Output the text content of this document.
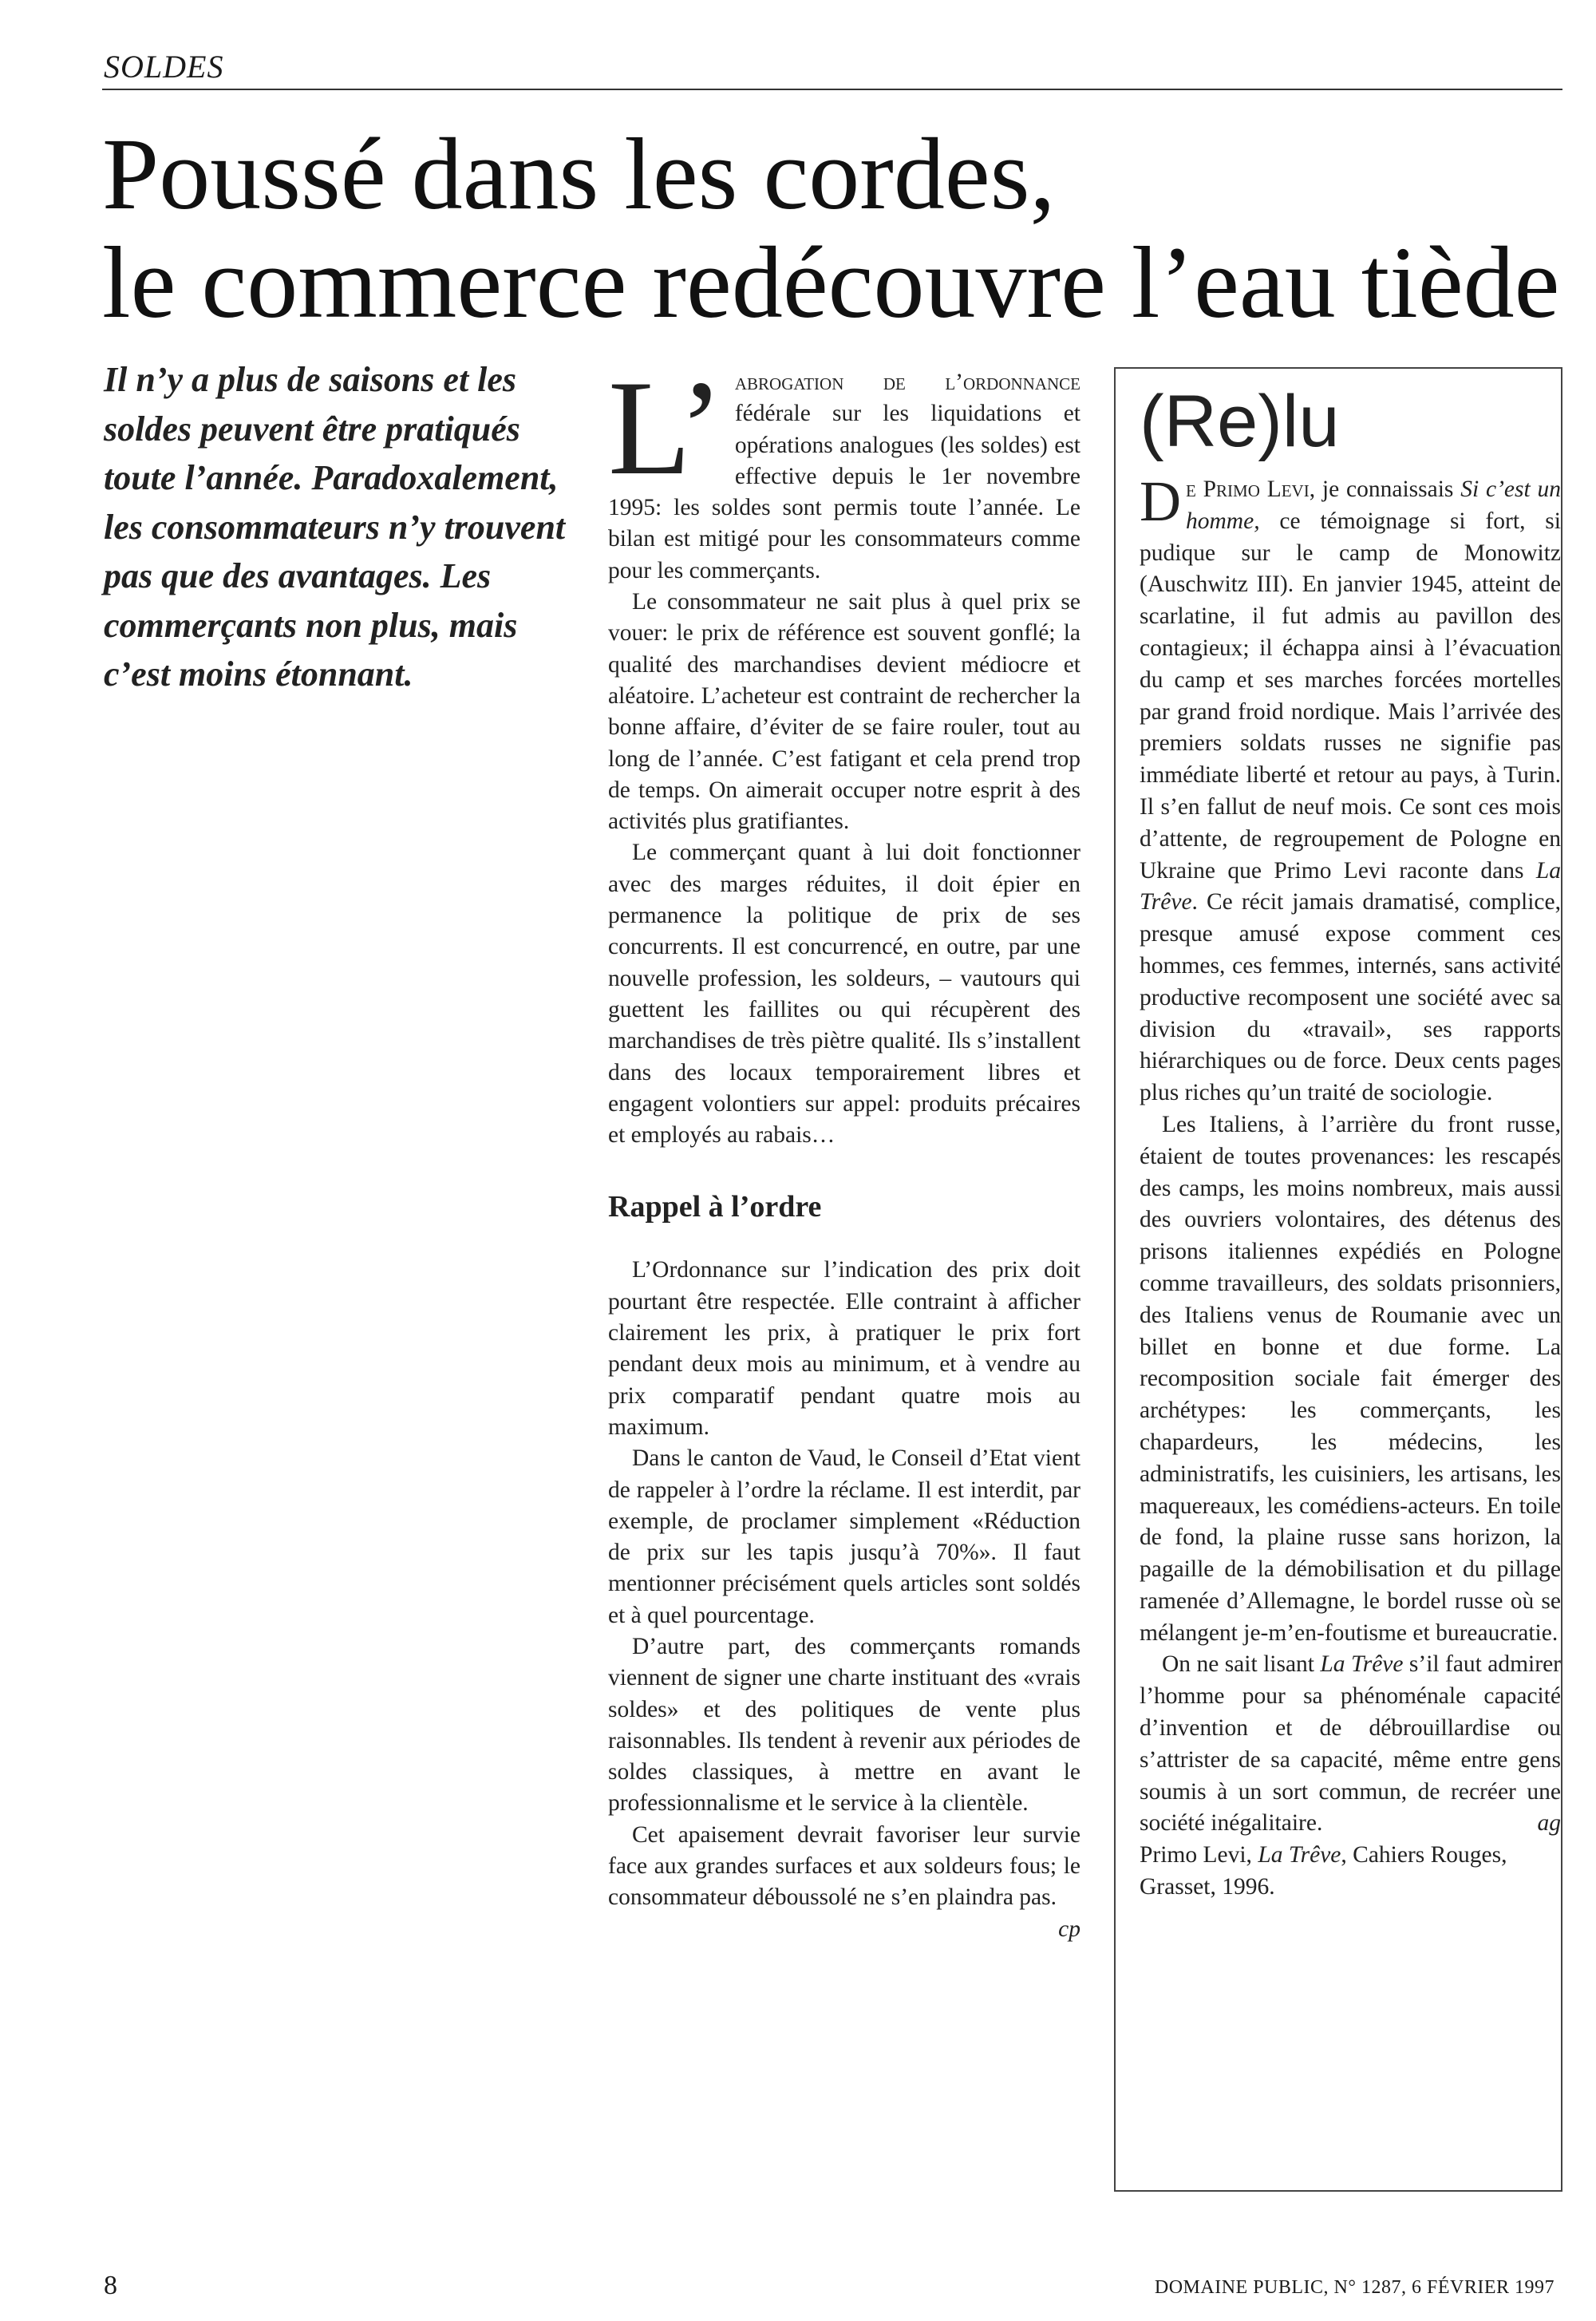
SOLDES
Poussé dans les cordes,
le commerce redécouvre l’eau tiède

Il n’y a plus de saisons et les soldes peuvent être pratiqués toute l’année. Paradoxalement, les consommateurs n’y trouvent pas que des avantages. Les commerçants non plus, mais c’est moins étonnant.

L’ abrogation de l’ordonnance fédérale sur les liquidations et opérations analogues (les soldes) est effective depuis le 1er novembre 1995: les soldes sont permis toute l’année. Le bilan est mitigé pour les consommateurs comme pour les commerçants.

Le consommateur ne sait plus à quel prix se vouer: le prix de référence est souvent gonflé; la qualité des marchandises devient médiocre et aléatoire. L’acheteur est contraint de rechercher la bonne affaire, d’éviter de se faire rouler, tout au long de l’année. C’est fatigant et cela prend trop de temps. On aimerait occuper notre esprit à des activités plus gratifiantes.

Le commerçant quant à lui doit fonctionner avec des marges réduites, il doit épier en permanence la politique de prix de ses concurrents. Il est concurrencé, en outre, par une nouvelle profession, les soldeurs, – vautours qui guettent les faillites ou qui récupèrent des marchandises de très piètre qualité. Ils s’installent dans des locaux temporairement libres et engagent volontiers sur appel: produits précaires et employés au rabais…

Rappel à l’ordre

L’Ordonnance sur l’indication des prix doit pourtant être respectée. Elle contraint à afficher clairement les prix, à pratiquer le prix fort pendant deux mois au minimum, et à vendre au prix comparatif pendant quatre mois au maximum.

Dans le canton de Vaud, le Conseil d’Etat vient de rappeler à l’ordre la réclame. Il est interdit, par exemple, de proclamer simplement «Réduction de prix sur les tapis jusqu’à 70%». Il faut mentionner précisément quels articles sont soldés et à quel pourcentage.

D’autre part, des commerçants romands viennent de signer une charte instituant des «vrais soldes» et des politiques de vente plus raisonnables. Ils tendent à revenir aux périodes de soldes classiques, à mettre en avant le professionnalisme et le service à la clientèle.

Cet apaisement devrait favoriser leur survie face aux grandes surfaces et aux soldeurs fous; le consommateur déboussolé ne s’en plaindra pas.
cp

(Re)lu

De Primo Levi, je connaissais Si c’est un homme, ce témoignage si fort, si pudique sur le camp de Monowitz (Auschwitz III). En janvier 1945, atteint de scarlatine, il fut admis au pavillon des contagieux; il échappa ainsi à l’évacuation du camp et ses marches forcées mortelles par grand froid nordique. Mais l’arrivée des premiers soldats russes ne signifie pas immédiate liberté et retour au pays, à Turin. Il s’en fallut de neuf mois. Ce sont ces mois d’attente, de regroupement de Pologne en Ukraine que Primo Levi raconte dans La Trêve. Ce récit jamais dramatisé, complice, presque amusé expose comment ces hommes, ces femmes, internés, sans activité productive recomposent une société avec sa division du «travail», ses rapports hiérarchiques ou de force. Deux cents pages plus riches qu’un traité de sociologie.

Les Italiens, à l’arrière du front russe, étaient de toutes provenances: les rescapés des camps, les moins nombreux, mais aussi des ouvriers volontaires, des détenus des prisons italiennes expédiés en Pologne comme travailleurs, des soldats prisonniers, des Italiens venus de Roumanie avec un billet en bonne et due forme. La recomposition sociale fait émerger des archétypes: les commerçants, les chapardeurs, les médecins, les administratifs, les cuisiniers, les artisans, les maquereaux, les comédiens-acteurs. En toile de fond, la plaine russe sans horizon, la pagaille de la démobilisation et du pillage ramenée d’Allemagne, le bordel russe où se mélangent je-m’en-foutisme et bureaucratie.

On ne sait lisant La Trêve s’il faut admirer l’homme pour sa phénoménale capacité d’invention et de débrouillardise ou s’attrister de sa capacité, même entre gens soumis à un sort commun, de recréer une société inégalitaire.	ag

Primo Levi, La Trêve, Cahiers Rouges, Grasset, 1996.

8	DOMAINE PUBLIC, N° 1287, 6 FÉVRIER 1997
